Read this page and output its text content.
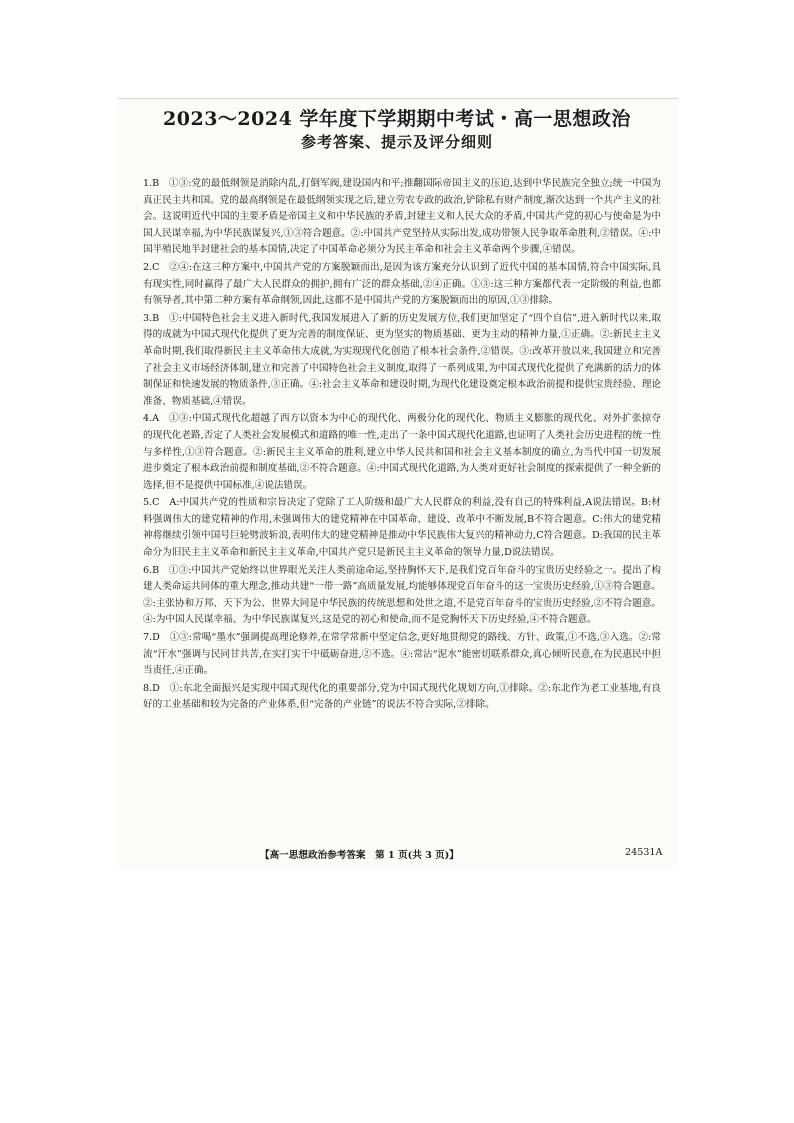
2023～2024 学年度下学期期中考试・高一思想政治
参考答案、提示及评分细则

1.B　①③:党的最低纲领是消除内乱,打倒军阀,建设国内和平;推翻国际帝国主义的压迫,达到中华民族完全独立;统一中国为真正民主共和国。党的最高纲领是在最低纲领实现之后,建立劳农专政的政治,铲除私有财产制度,渐次达到一个共产主义的社会。这说明近代中国的主要矛盾是帝国主义和中华民族的矛盾,封建主义和人民大众的矛盾,中国共产党的初心与使命是为中国人民谋幸福,为中华民族谋复兴,①③符合题意。②:中国共产党坚持从实际出发,成功带领人民争取革命胜利,②错误。④:中国半殖民地半封建社会的基本国情,决定了中国革命必须分为民主革命和社会主义革命两个步骤,④错误。

2.C　②④:在这三种方案中,中国共产党的方案脱颖而出,是因为该方案充分认识到了近代中国的基本国情,符合中国实际,具有现实性,同时赢得了最广大人民群众的拥护,拥有广泛的群众基础,②④正确。①③:这三种方案都代表一定阶级的利益,也都有领导者,其中第二种方案有革命纲领,因此,这都不是中国共产党的方案脱颖而出的原因,①③排除。

3.B　①:中国特色社会主义进入新时代,我国发展进入了新的历史发展方位,我们更加坚定了“四个自信”,进入新时代以来,取得的成就为中国式现代化提供了更为完善的制度保证、更为坚实的物质基础、更为主动的精神力量,①正确。②:新民主主义革命时期,我们取得新民主主义革命伟大成就,为实现现代化创造了根本社会条件,②错误。③:改革开放以来,我国建立和完善了社会主义市场经济体制,建立和完善了中国特色社会主义制度,取得了一系列成果,为中国式现代化提供了充满新的活力的体制保证和快速发展的物质条件,③正确。④:社会主义革命和建设时期,为现代化建设奠定根本政治前提和提供宝贵经验、理论准备、物质基础,④错误。

4.A　①③:中国式现代化超越了西方以资本为中心的现代化、两极分化的现代化、物质主义膨胀的现代化、对外扩张掠夺的现代化老路,否定了人类社会发展模式和道路的唯一性,走出了一条中国式现代化道路,也证明了人类社会历史进程的统一性与多样性,①③符合题意。②:新民主主义革命的胜利,建立中华人民共和国和社会主义基本制度的确立,为当代中国一切发展进步奠定了根本政治前提和制度基础,②不符合题意。④:中国式现代化道路,为人类对更好社会制度的探索提供了一种全新的选择,但不是提供中国标准,④说法错误。

5.C　A:中国共产党的性质和宗旨决定了党除了工人阶级和最广大人民群众的利益,没有自己的特殊利益,A说法错误。B:材料强调伟大的建党精神的作用,未强调伟大的建党精神在中国革命、建设、改革中不断发展,B不符合题意。C:伟大的建党精神将继续引领中国号巨轮劈波斩浪,表明伟大的建党精神是推动中华民族伟大复兴的精神动力,C符合题意。D:我国的民主革命分为旧民主主义革命和新民主主义革命,中国共产党只是新民主主义革命的领导力量,D说法错误。

6.B　①③:中国共产党始终以世界眼光关注人类前途命运,坚持胸怀天下,是我们党百年奋斗的宝贵历史经验之一。提出了构建人类命运共同体的重大理念,推动共建“一带一路”高质量发展,均能够体现党百年奋斗的这一宝贵历史经验,①③符合题意。②:主张协和万邦、天下为公、世界大同是中华民族的传统思想和处世之道,不是党百年奋斗的宝贵历史经验,②不符合题意。④:为中国人民谋幸福、为中华民族谋复兴,这是党的初心和使命,而不是党胸怀天下历史经验,④不符合题意。

7.D　①③:常喝“墨水”强调提高理论修养,在常学常新中坚定信念,更好地贯彻党的路线、方针、政策,①不选,③入选。②:常流“汗水”强调与民同甘共苦,在实打实干中砥砺奋进,②不选。④:常沾“泥水”能密切联系群众,真心倾听民意,在为民惠民中担当责任,④正确。

8.D　①:东北全面振兴是实现中国式现代化的重要部分,党为中国式现代化规划方向,①排除。②:东北作为老工业基地,有良好的工业基础和较为完备的产业体系,但“完备的产业链”的说法不符合实际,②排除。

【高一思想政治参考答案　第 1 页(共 3 页)】	24531A
